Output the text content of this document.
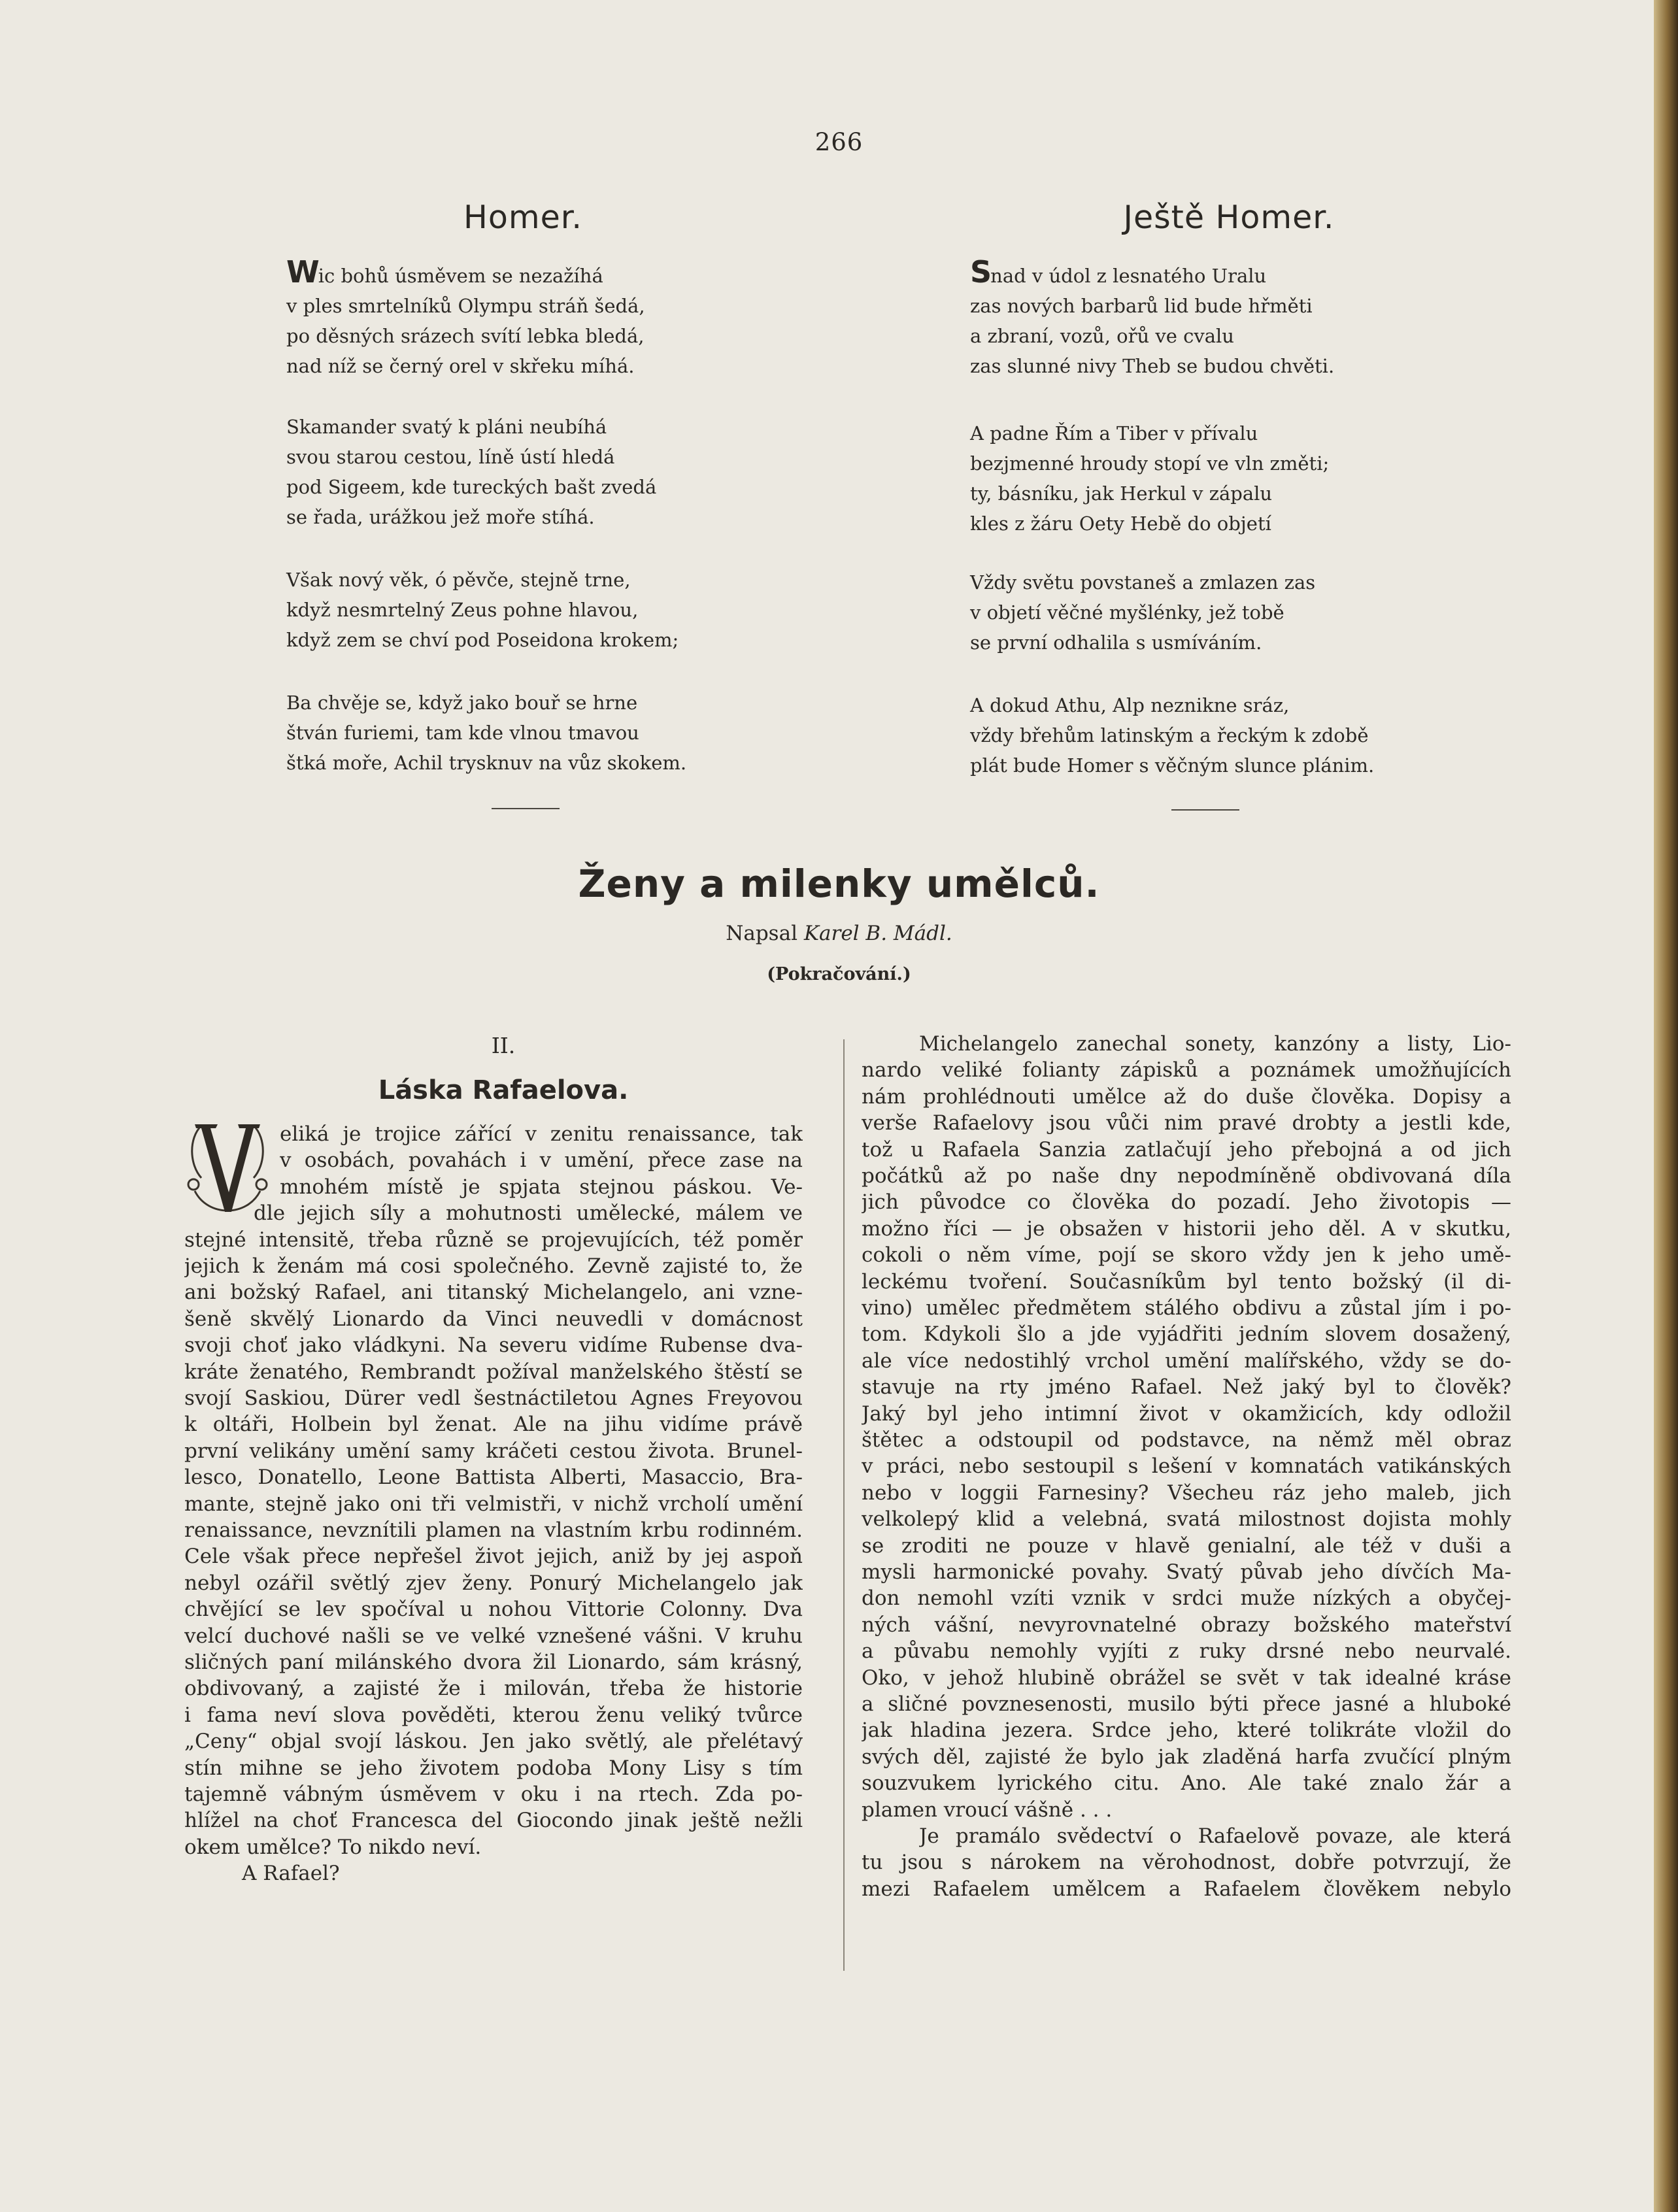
266
Homer.
Wic bohů úsměvem se nezažíhá
v ples smrtelníků Olympu stráň šedá,
po děsných srázech svítí lebka bledá,
nad níž se černý orel v skřeku míhá.
Skamander svatý k pláni neubíhá
svou starou cestou, líně ústí hledá
pod Sigeem, kde tureckých bašt zvedá
se řada, urážkou jež moře stíhá.
Však nový věk, ó pěvče, stejně trne,
když nesmrtelný Zeus pohne hlavou,
když zem se chví pod Poseidona krokem;
Ba chvěje se, když jako bouř se hrne
štván furiemi, tam kde vlnou tmavou
štká moře, Achil trysknuv na vůz skokem.
Ještě Homer.
Snad v údol z lesnatého Uralu
zas nových barbarů lid bude hřměti
a zbraní, vozů, ořů ve cvalu
zas slunné nivy Theb se budou chvěti.
A padne Řím a Tiber v přívalu
bezjmenné hroudy stopí ve vln změti;
ty, básníku, jak Herkul v zápalu
kles z žáru Oety Hebě do objetí
Vždy světu povstaneš a zmlazen zas
v objetí věčné myšlénky, jež tobě
se první odhalila s usmíváním.
A dokud Athu, Alp neznikne sráz,
vždy břehům latinským a řeckým k zdobě
plát bude Homer s věčným slunce plánim.
Ženy a milenky umělců.
Napsal Karel B. Mádl.
(Pokračování.)
II.
Láska Rafaelova.
eliká je trojice zářící v zenitu renaissance, tak
v osobách, povahách i v umění, přece zase na
mnohém místě je spjata stejnou páskou. Ve-
dle jejich síly a mohutnosti umělecké, málem ve
stejné intensitě, třeba různě se projevujících, též poměr
jejich k ženám má cosi společného. Zevně zajisté to, že
ani božský Rafael, ani titanský Michelangelo, ani vzne-
šeně skvělý Lionardo da Vinci neuvedli v domácnost
svoji choť jako vládkyni. Na severu vidíme Rubense dva-
kráte ženatého, Rembrandt požíval manželského štěstí se
svojí Saskiou, Dürer vedl šestnáctiletou Agnes Freyovou
k oltáři, Holbein byl ženat. Ale na jihu vidíme právě
první velikány umění samy kráčeti cestou života. Brunel-
lesco, Donatello, Leone Battista Alberti, Masaccio, Bra-
mante, stejně jako oni tři velmistři, v nichž vrcholí umění
renaissance, nevznítili plamen na vlastním krbu rodinném.
Cele však přece nepřešel život jejich, aniž by jej aspoň
nebyl ozářil světlý zjev ženy. Ponurý Michelangelo jak
chvějící se lev spočíval u nohou Vittorie Colonny. Dva
velcí duchové našli se ve velké vznešené vášni. V kruhu
sličných paní milánského dvora žil Lionardo, sám krásný,
obdivovaný, a zajisté že i milován, třeba že historie
i fama neví slova pověděti, kterou ženu veliký tvůrce
„Ceny“ objal svojí láskou. Jen jako světlý, ale přelétavý
stín mihne se jeho životem podoba Mony Lisy s tím
tajemně vábným úsměvem v oku i na rtech. Zda po-
hlížel na choť Francesca del Giocondo jinak ještě nežli
okem umělce? To nikdo neví.
A Rafael?
Michelangelo zanechal sonety, kanzóny a listy, Lio-
nardo veliké folianty zápisků a poznámek umožňujících
nám prohlédnouti umělce až do duše člověka. Dopisy a
verše Rafaelovy jsou vůči nim pravé drobty a jestli kde,
tož u Rafaela Sanzia zatlačují jeho přebojná a od jich
počátků až po naše dny nepodmíněně obdivovaná díla
jich původce co člověka do pozadí. Jeho životopis —
možno říci — je obsažen v historii jeho děl. A v skutku,
cokoli o něm víme, pojí se skoro vždy jen k jeho umě-
leckému tvoření. Současníkům byl tento božský (il di-
vino) umělec předmětem stálého obdivu a zůstal jím i po-
tom. Kdykoli šlo a jde vyjádřiti jedním slovem dosažený,
ale více nedostihlý vrchol umění malířského, vždy se do-
stavuje na rty jméno Rafael. Než jaký byl to člověk?
Jaký byl jeho intimní život v okamžicích, kdy odložil
štětec a odstoupil od podstavce, na němž měl obraz
v práci, nebo sestoupil s lešení v komnatách vatikánských
nebo v loggii Farnesiny? Všecheu ráz jeho maleb, jich
velkolepý klid a velebná, svatá milostnost dojista mohly
se zroditi ne pouze v hlavě genialní, ale též v duši a
mysli harmonické povahy. Svatý půvab jeho dívčích Ma-
don nemohl vzíti vznik v srdci muže nízkých a obyčej-
ných vášní, nevyrovnatelné obrazy božského mateřství
a půvabu nemohly vyjíti z ruky drsné nebo neurvalé.
Oko, v jehož hlubině obrážel se svět v tak idealné kráse
a sličné povznesenosti, musilo býti přece jasné a hluboké
jak hladina jezera. Srdce jeho, které tolikráte vložil do
svých děl, zajisté že bylo jak zladěná harfa zvučící plným
souzvukem lyrického citu. Ano. Ale také znalo žár a
plamen vroucí vášně . . .
Je pramálo svědectví o Rafaelově povaze, ale která
tu jsou s nárokem na věrohodnost, dobře potvrzují, že
mezi Rafaelem umělcem a Rafaelem člověkem nebylo
